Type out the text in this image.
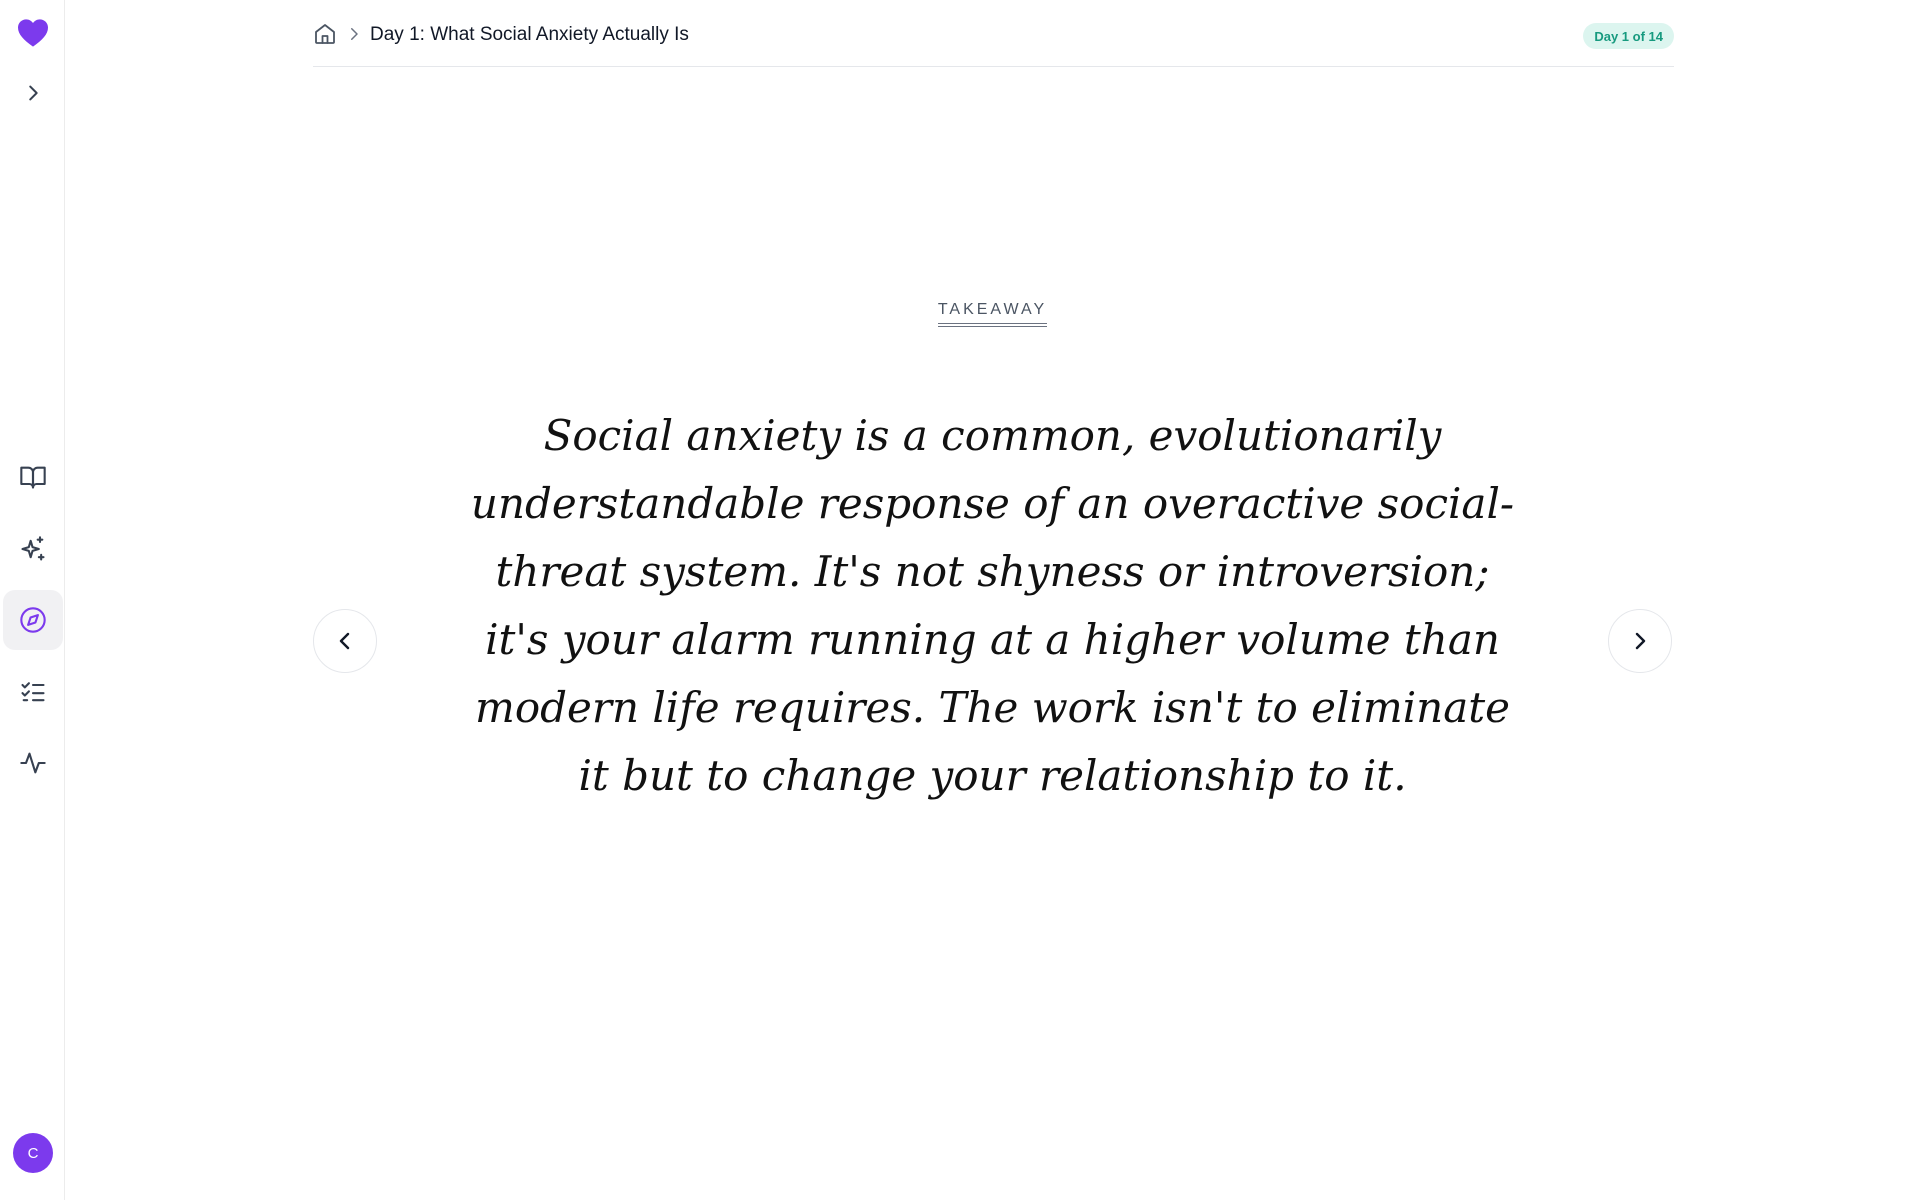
C
Day 1: What Social Anxiety Actually Is	Day 1 of 14
TAKEAWAY

Social anxiety is a common, evolutionarily understandable response of an overactive social-threat system. It's not shyness or introversion; it's your alarm running at a higher volume than modern life requires. The work isn't to eliminate it but to change your relationship to it.
